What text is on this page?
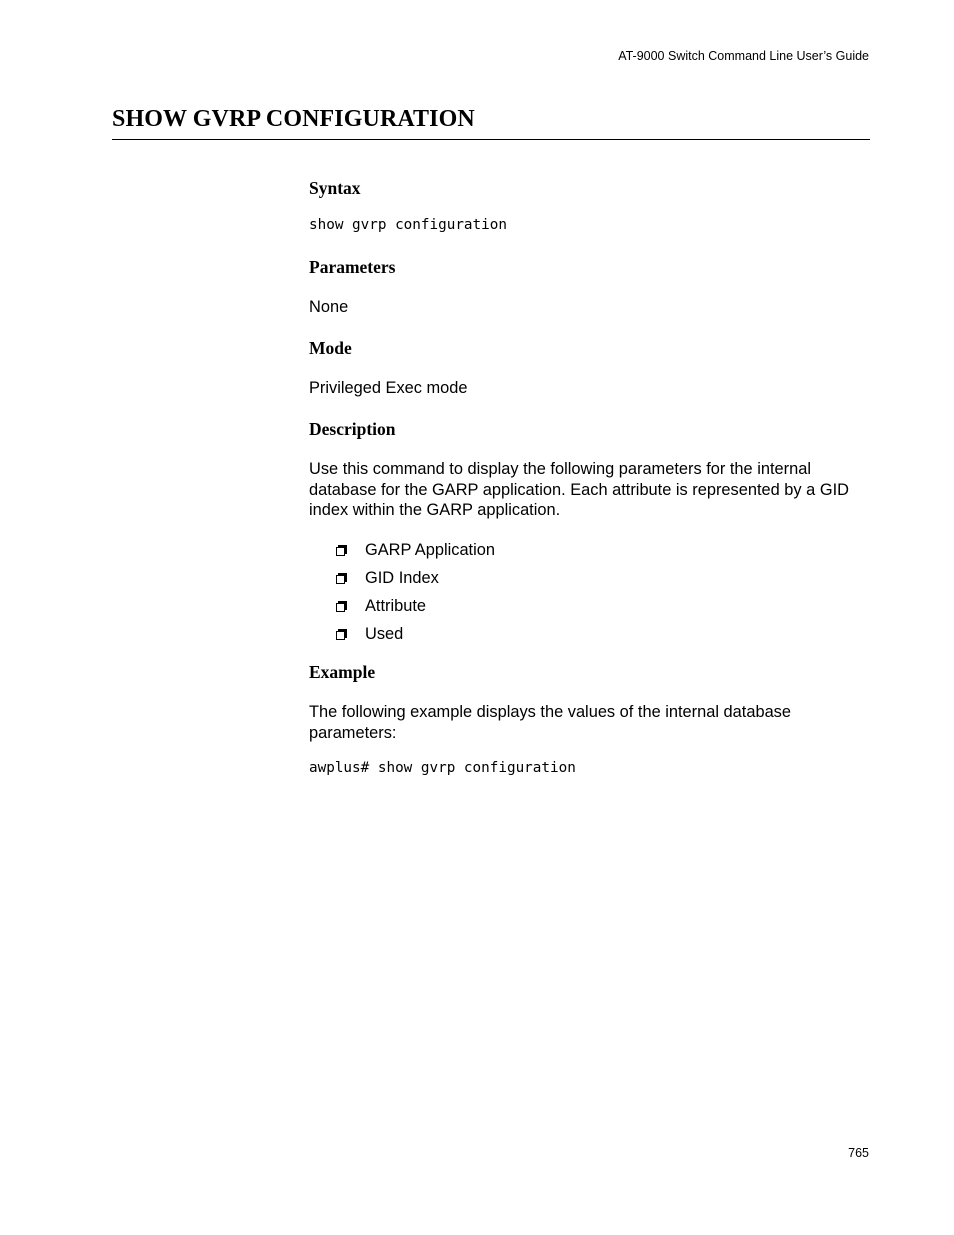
AT-9000 Switch Command Line User’s Guide
SHOW GVRP CONFIGURATION
Syntax
show gvrp configuration
Parameters

None

Mode

Privileged Exec mode

Description

Use this command to display the following parameters for the internal database for the GARP application. Each attribute is represented by a GID index within the GARP application.

GARP Application
GID Index
Attribute
Used
Example

The following example displays the values of the internal database parameters:

awplus# show gvrp configuration
765
